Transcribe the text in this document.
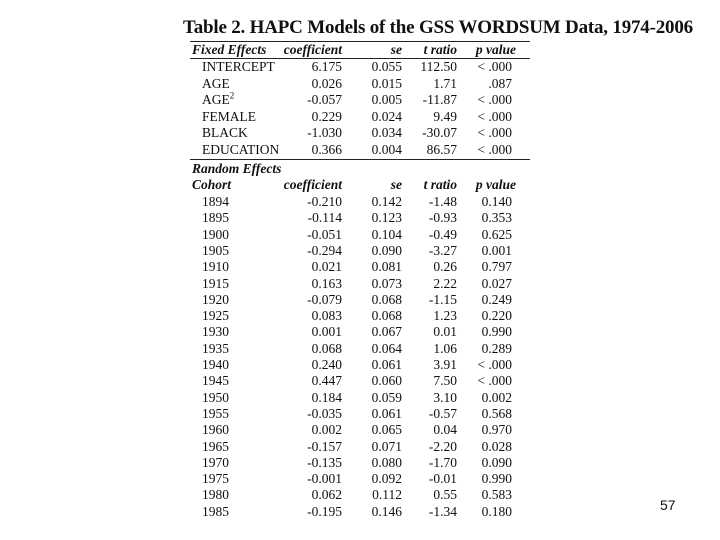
Table 2. HAPC Models of the GSS WORDSUM Data, 1974-2006
Fixed Effects coefficient	se t ratio p value
INTERCEPT	6.175 0.055 112.50 < .000
AGE	0.026 0.015 1.71 .087
AGE$^2$	-0.057 0.005 -11.87 < .000
FEMALE	0.229 0.024 9.49 < .000
BLACK	-1.030 0.034 -30.07 < .000
EDUCATION 0.366 0.004 86.57 < .000
Random Effects
Cohort	coefficient	se t ratio p value
1894	-0.210 0.142 -1.48 0.140
1895	-0.114 0.123 -0.93 0.353
1900	-0.051 0.104 -0.49 0.625
1905	-0.294 0.090 -3.27 0.001
1910	0.021 0.081 0.26 0.797
1915	0.163 0.073 2.22 0.027
1920	-0.079 0.068 -1.15 0.249
1925	0.083 0.068 1.23 0.220
1930	0.001 0.067 0.01 0.990
1935	0.068 0.064 1.06 0.289
1940	0.240 0.061 3.91 < .000
1945	0.447 0.060 7.50 < .000
1950	0.184 0.059 3.10 0.002
1955	-0.035 0.061 -0.57 0.568
1960	0.002 0.065 0.04 0.970
1965	-0.157 0.071 -2.20 0.028
1970	-0.135 0.080 -1.70 0.090
1975	-0.001 0.092 -0.01 0.990
1980	0.062 0.112 0.55 0.583
1985	-0.195 0.146 -1.34 0.180	57
